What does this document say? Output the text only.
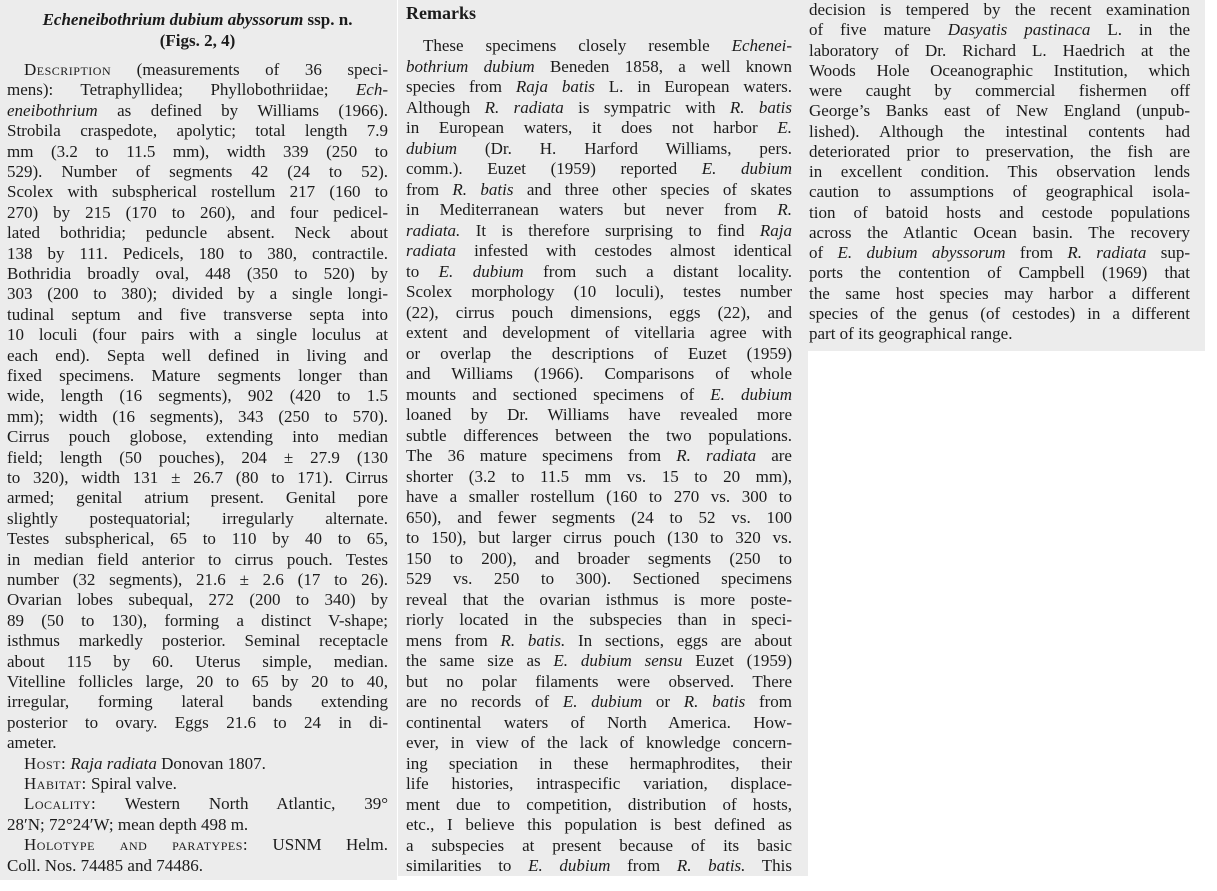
Echeneibothrium dubium abyssorum ssp. n.
(Figs. 2, 4)
Description (measurements of 36 speci-
mens): Tetraphyllidea; Phyllobothriidae; Ech-
eneibothrium as defined by Williams (1966).
Strobila craspedote, apolytic; total length 7.9
mm (3.2 to 11.5 mm), width 339 (250 to
529). Number of segments 42 (24 to 52).
Scolex with subspherical rostellum 217 (160 to
270) by 215 (170 to 260), and four pedicel-
lated bothridia; peduncle absent. Neck about
138 by 111. Pedicels, 180 to 380, contractile.
Bothridia broadly oval, 448 (350 to 520) by
303 (200 to 380); divided by a single longi-
tudinal septum and five transverse septa into
10 loculi (four pairs with a single loculus at
each end). Septa well defined in living and
fixed specimens. Mature segments longer than
wide, length (16 segments), 902 (420 to 1.5
mm); width (16 segments), 343 (250 to 570).
Cirrus pouch globose, extending into median
field; length (50 pouches), 204 ± 27.9 (130
to 320), width 131 ± 26.7 (80 to 171). Cirrus
armed; genital atrium present. Genital pore
slightly postequatorial; irregularly alternate.
Testes subspherical, 65 to 110 by 40 to 65,
in median field anterior to cirrus pouch. Testes
number (32 segments), 21.6 ± 2.6 (17 to 26).
Ovarian lobes subequal, 272 (200 to 340) by
89 (50 to 130), forming a distinct V-shape;
isthmus markedly posterior. Seminal receptacle
about 115 by 60. Uterus simple, median.
Vitelline follicles large, 20 to 65 by 20 to 40,
irregular, forming lateral bands extending
posterior to ovary. Eggs 21.6 to 24 in di-
ameter.
Host: Raja radiata Donovan 1807.
Habitat: Spiral valve.
Locality: Western North Atlantic, 39°
28′N; 72°24′W; mean depth 498 m.
Holotype and paratypes: USNM Helm.
Coll. Nos. 74485 and 74486.
Remarks
These specimens closely resemble Echenei-
bothrium dubium Beneden 1858, a well known
species from Raja batis L. in European waters.
Although R. radiata is sympatric with R. batis
in European waters, it does not harbor E.
dubium (Dr. H. Harford Williams, pers.
comm.). Euzet (1959) reported E. dubium
from R. batis and three other species of skates
in Mediterranean waters but never from R.
radiata. It is therefore surprising to find Raja
radiata infested with cestodes almost identical
to E. dubium from such a distant locality.
Scolex morphology (10 loculi), testes number
(22), cirrus pouch dimensions, eggs (22), and
extent and development of vitellaria agree with
or overlap the descriptions of Euzet (1959)
and Williams (1966). Comparisons of whole
mounts and sectioned specimens of E. dubium
loaned by Dr. Williams have revealed more
subtle differences between the two populations.
The 36 mature specimens from R. radiata are
shorter (3.2 to 11.5 mm vs. 15 to 20 mm),
have a smaller rostellum (160 to 270 vs. 300 to
650), and fewer segments (24 to 52 vs. 100
to 150), but larger cirrus pouch (130 to 320 vs.
150 to 200), and broader segments (250 to
529 vs. 250 to 300). Sectioned specimens
reveal that the ovarian isthmus is more poste-
riorly located in the subspecies than in speci-
mens from R. batis. In sections, eggs are about
the same size as E. dubium sensu Euzet (1959)
but no polar filaments were observed. There
are no records of E. dubium or R. batis from
continental waters of North America. How-
ever, in view of the lack of knowledge concern-
ing speciation in these hermaphrodites, their
life histories, intraspecific variation, displace-
ment due to competition, distribution of hosts,
etc., I believe this population is best defined as
a subspecies at present because of its basic
similarities to E. dubium from R. batis. This
decision is tempered by the recent examination
of five mature Dasyatis pastinaca L. in the
laboratory of Dr. Richard L. Haedrich at the
Woods Hole Oceanographic Institution, which
were caught by commercial fishermen off
George’s Banks east of New England (unpub-
lished). Although the intestinal contents had
deteriorated prior to preservation, the fish are
in excellent condition. This observation lends
caution to assumptions of geographical isola-
tion of batoid hosts and cestode populations
across the Atlantic Ocean basin. The recovery
of E. dubium abyssorum from R. radiata sup-
ports the contention of Campbell (1969) that
the same host species may harbor a different
species of the genus (of cestodes) in a different
part of its geographical range.
